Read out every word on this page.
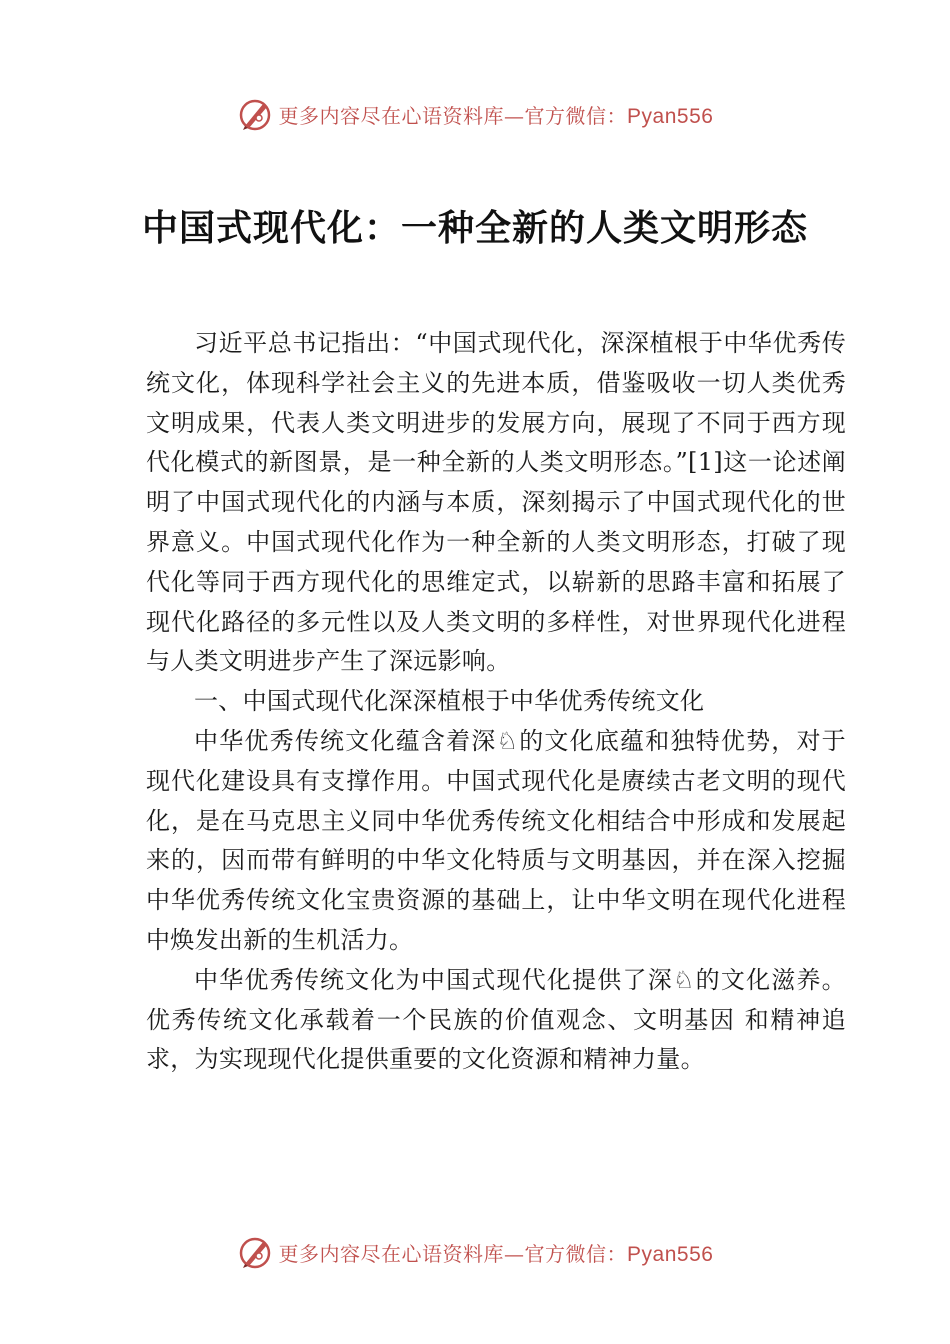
更多内容尽在心语资料库—官方微信：Pyan556
中国式现代化：一种全新的人类文明形态

习近平总书记指出：“中国式现代化，深深植根于中华优秀传统文化，体现科学社会主义的先进本质，借鉴吸收一切人类优秀文明成果，代表人类文明进步的发展方向，展现了不同于西方现代化模式的新图景，是一种全新的人类文明形态。”[1]这一论述阐明了中国式现代化的内涵与本质，深刻揭示了中国式现代化的世界意义。中国式现代化作为一种全新的人类文明形态，打破了现代化等同于西方现代化的思维定式，以崭新的思路丰富和拓展了现代化路径的多元性以及人类文明的多样性，对世界现代化进程与人类文明进步产生了深远影响。

一、中国式现代化深深植根于中华优秀传统文化

中华优秀传统文化蕴含着深♘的文化底蕴和独特优势，对于现代化建设具有支撑作用。中国式现代化是赓续古老文明的现代化，是在马克思主义同中华优秀传统文化相结合中形成和发展起来的，因而带有鲜明的中华文化特质与文明基因，并在深入挖掘中华优秀传统文化宝贵资源的基础上，让中华文明在现代化进程中焕发出新的生机活力。

中华优秀传统文化为中国式现代化提供了深♘的文化滋养。优秀传统文化承载着一个民族的价值观念、文明基因 和精神追求，为实现现代化提供重要的文化资源和精神力量。

更多内容尽在心语资料库—官方微信：Pyan556
